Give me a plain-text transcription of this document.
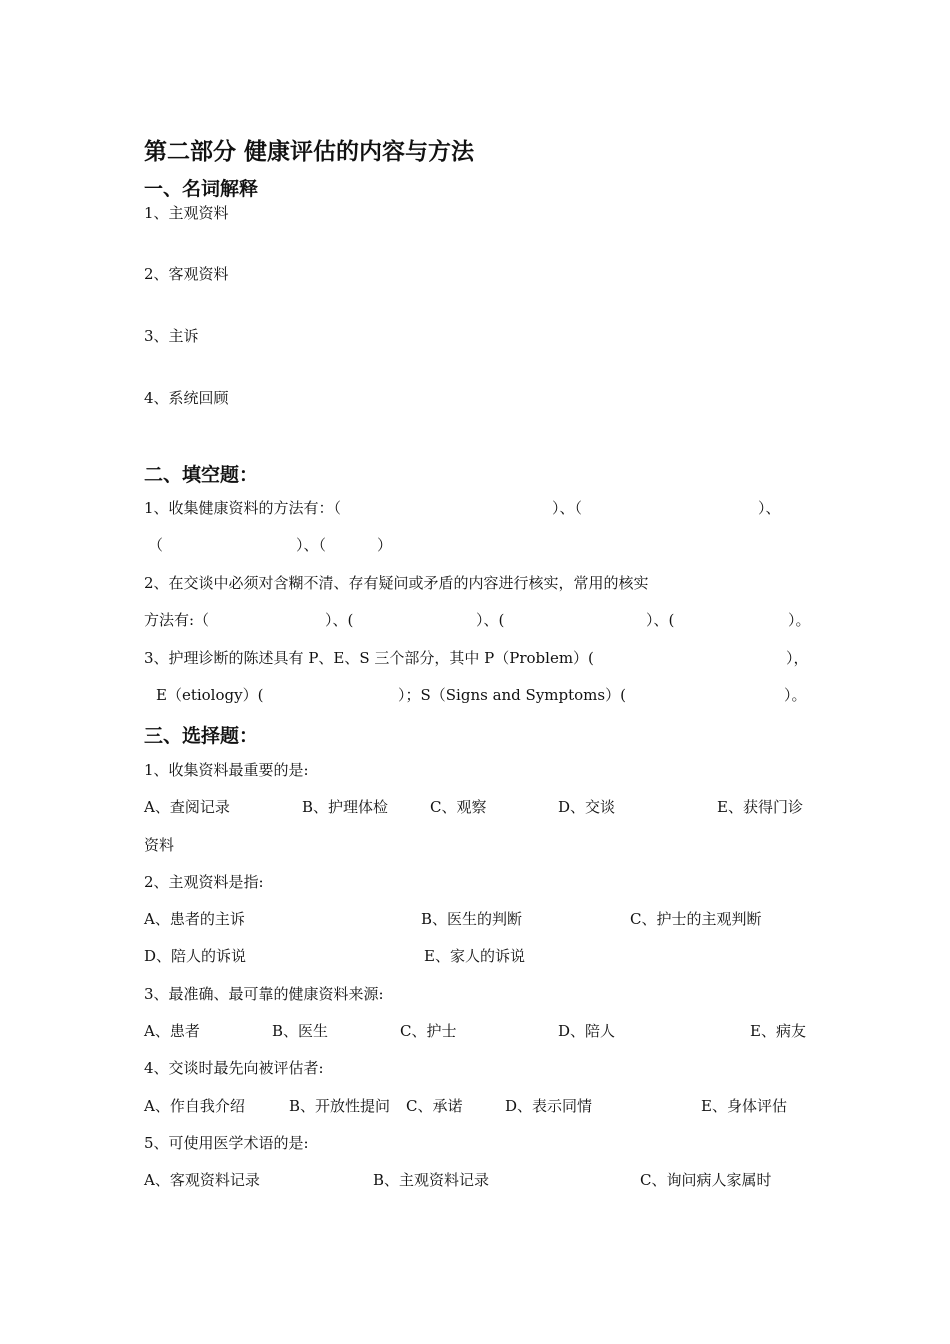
第二部分 健康评估的内容与方法
一、名词解释
1、主观资料
2、客观资料
3、主诉
4、系统回顾
二、填空题：
1、收集健康资料的方法有：（	）、（	）、
（	）、（	）
2、在交谈中必须对含糊不清、存有疑问或矛盾的内容进行核实，常用的核实
方法有:（	）、(	）、(	）、(	）。
3、护理诊断的陈述具有 P、E、S 三个部分，其中 P（Problem）(	），
E（etiology）(	）；S（Signs and Symptoms）(	）。
三、选择题：
1、收集资料最重要的是:
A、查阅记录	B、护理体检	C、观察	D、交谈	E、获得门诊
资料
2、主观资料是指:
A、患者的主诉	B、医生的判断	C、护士的主观判断
D、陪人的诉说	E、家人的诉说
3、最准确、最可靠的健康资料来源:
A、患者	B、医生	C、护士	D、陪人	E、病友
4、交谈时最先向被评估者:
A、作自我介绍	B、开放性提问 C、承诺	D、表示同情	E、身体评估
5、可使用医学术语的是:
A、客观资料记录	B、主观资料记录	C、询问病人家属时
